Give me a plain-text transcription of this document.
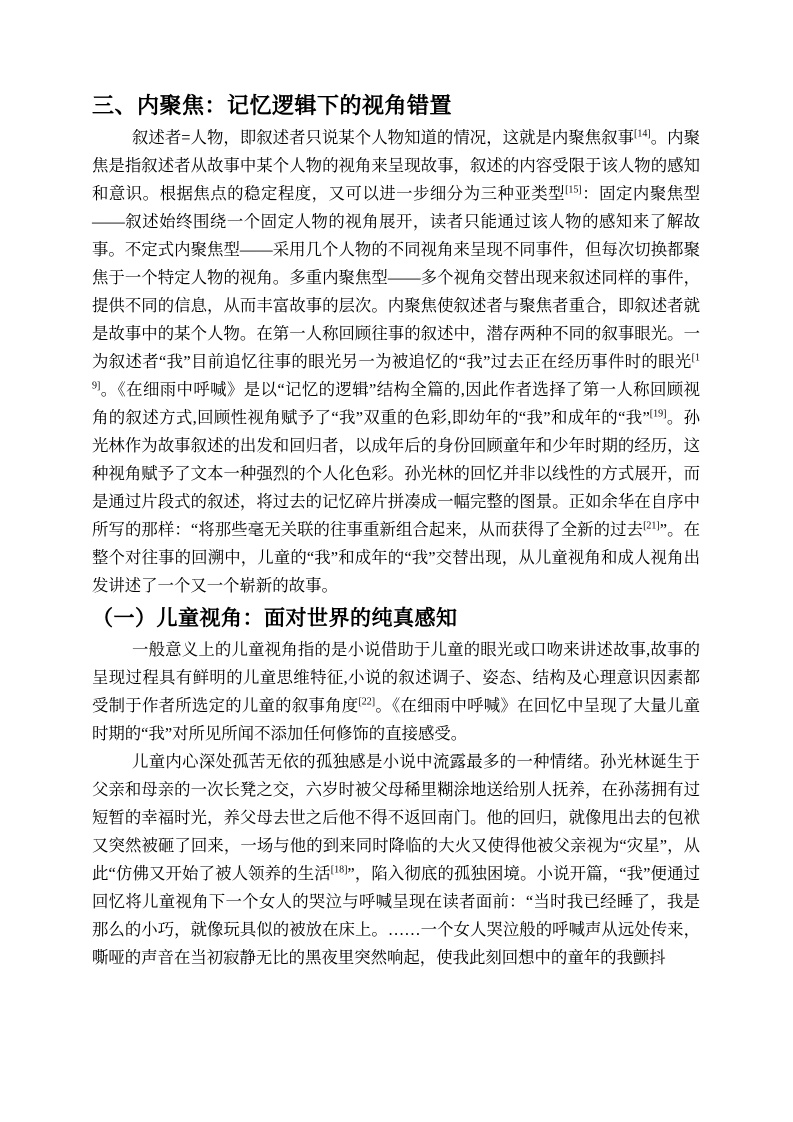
三、内聚焦：记忆逻辑下的视角错置

叙述者=人物，即叙述者只说某个人物知道的情况，这就是内聚焦叙事[14]。内聚焦是指叙述者从故事中某个人物的视角来呈现故事，叙述的内容受限于该人物的感知和意识。根据焦点的稳定程度，又可以进一步细分为三种亚类型[15]：固定内聚焦型——叙述始终围绕一个固定人物的视角展开，读者只能通过该人物的感知来了解故事。不定式内聚焦型——采用几个人物的不同视角来呈现不同事件，但每次切换都聚焦于一个特定人物的视角。多重内聚焦型——多个视角交替出现来叙述同样的事件，提供不同的信息，从而丰富故事的层次。内聚焦使叙述者与聚焦者重合，即叙述者就是故事中的某个人物。在第一人称回顾往事的叙述中，潜存两种不同的叙事眼光。一为叙述者“我”目前追忆往事的眼光另一为被追忆的“我”过去正在经历事件时的眼光[19]。《在细雨中呼喊》是以“记忆的逻辑”结构全篇的,因此作者选择了第一人称回顾视角的叙述方式,回顾性视角赋予了“我”双重的色彩,即幼年的“我”和成年的“我”[19]。孙光林作为故事叙述的出发和回归者，以成年后的身份回顾童年和少年时期的经历，这种视角赋予了文本一种强烈的个人化色彩。孙光林的回忆并非以线性的方式展开，而是通过片段式的叙述，将过去的记忆碎片拼凑成一幅完整的图景。正如余华在自序中所写的那样：“将那些毫无关联的往事重新组合起来，从而获得了全新的过去[21]”。在整个对往事的回溯中，儿童的“我”和成年的“我”交替出现，从儿童视角和成人视角出发讲述了一个又一个崭新的故事。

（一）儿童视角：面对世界的纯真感知

一般意义上的儿童视角指的是小说借助于儿童的眼光或口吻来讲述故事,故事的呈现过程具有鲜明的儿童思维特征,小说的叙述调子、姿态、结构及心理意识因素都受制于作者所选定的儿童的叙事角度[22]。《在细雨中呼喊》在回忆中呈现了大量儿童时期的“我”对所见所闻不添加任何修饰的直接感受。

儿童内心深处孤苦无依的孤独感是小说中流露最多的一种情绪。孙光林诞生于父亲和母亲的一次长凳之交，六岁时被父母稀里糊涂地送给别人抚养，在孙荡拥有过短暂的幸福时光，养父母去世之后他不得不返回南门。他的回归，就像甩出去的包袱又突然被砸了回来，一场与他的到来同时降临的大火又使得他被父亲视为“灾星”，从此“仿佛又开始了被人领养的生活[18]”，陷入彻底的孤独困境。小说开篇，“我”便通过回忆将儿童视角下一个女人的哭泣与呼喊呈现在读者面前：“当时我已经睡了，我是那么的小巧，就像玩具似的被放在床上。……一个女人哭泣般的呼喊声从远处传来，嘶哑的声音在当初寂静无比的黑夜里突然响起，使我此刻回想中的童年的我颤抖
